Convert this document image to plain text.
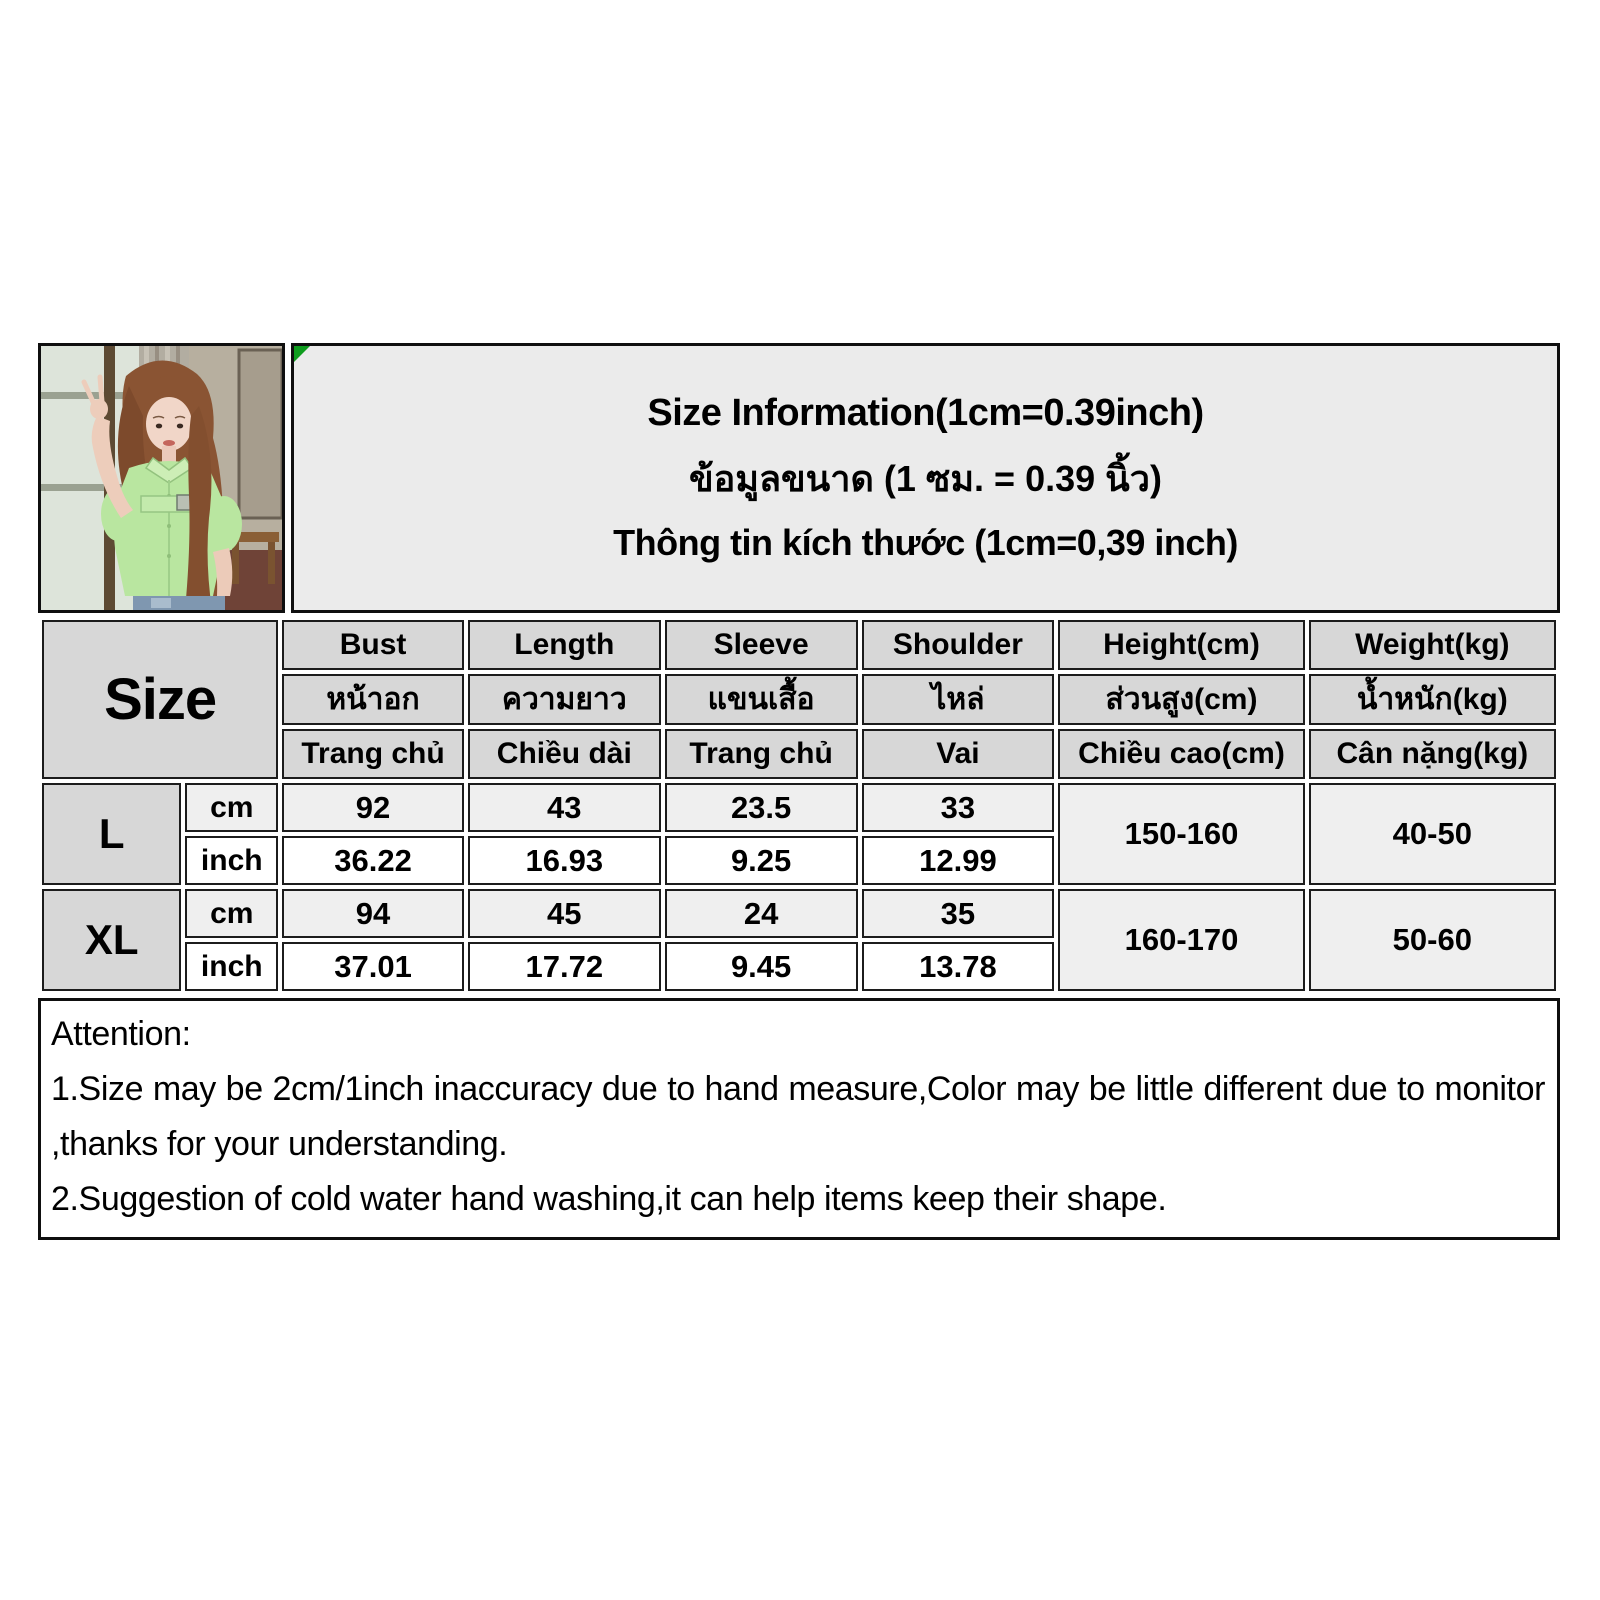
Size Information(1cm=0.39inch)
ข้อมูลขนาด (1 ซม. = 0.39 นิ้ว)
Thông tin kích thước (1cm=0,39 inch)
Size		Bust	Length	Sleeve	Shoulder	Height(cm)	Weight(kg)
		หน้าอก	ความยาว	แขนเสื้อ	ไหล่	ส่วนสูง(cm)	น้ำหนัก(kg)
		Trang chủ	Chiều dài	Trang chủ	Vai	Chiều cao(cm)	Cân nặng(kg)
L	cm	92	43	23.5	33	150-160	40-50
	inch	36.22	16.93	9.25	12.99		
XL	cm	94	45	24	35	160-170	50-60
	inch	37.01	17.72	9.45	13.78		
Attention:
1.Size may be 2cm/1inch inaccuracy due to hand measure,Color may be little different due to monitor ,thanks for your understanding.
2.Suggestion of cold water hand washing,it can help items keep their shape.
